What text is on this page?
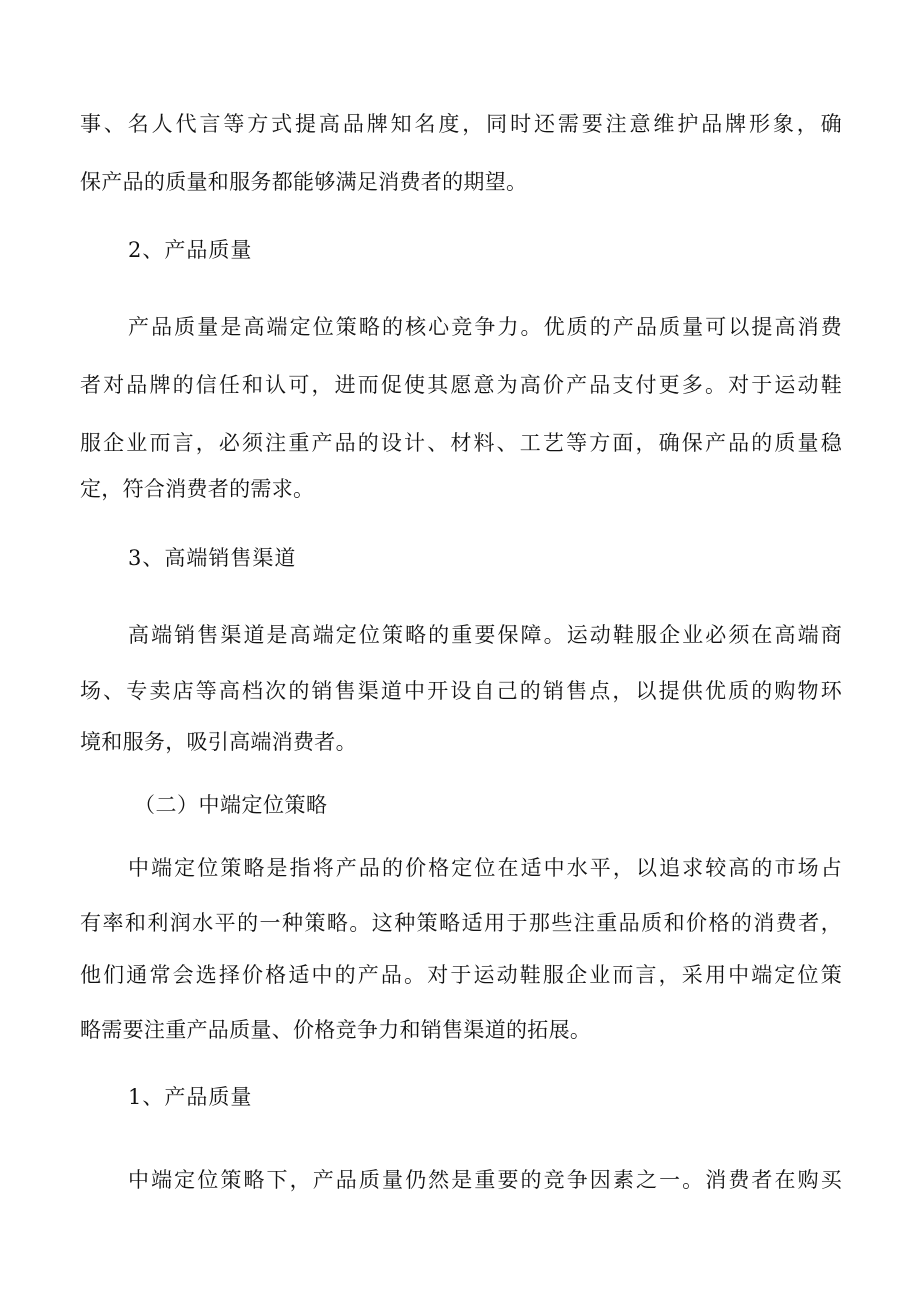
事、名人代言等方式提高品牌知名度，同时还需要注意维护品牌形象，确
保产品的质量和服务都能够满足消费者的期望。
2、产品质量
产品质量是高端定位策略的核心竞争力。优质的产品质量可以提高消费
者对品牌的信任和认可，进而促使其愿意为高价产品支付更多。对于运动鞋
服企业而言，必须注重产品的设计、材料、工艺等方面，确保产品的质量稳
定，符合消费者的需求。
3、高端销售渠道
高端销售渠道是高端定位策略的重要保障。运动鞋服企业必须在高端商
场、专卖店等高档次的销售渠道中开设自己的销售点，以提供优质的购物环
境和服务，吸引高端消费者。
（二）中端定位策略
中端定位策略是指将产品的价格定位在适中水平，以追求较高的市场占
有率和利润水平的一种策略。这种策略适用于那些注重品质和价格的消费者，
他们通常会选择价格适中的产品。对于运动鞋服企业而言，采用中端定位策
略需要注重产品质量、价格竞争力和销售渠道的拓展。
1、产品质量
中端定位策略下，产品质量仍然是重要的竞争因素之一。消费者在购买
